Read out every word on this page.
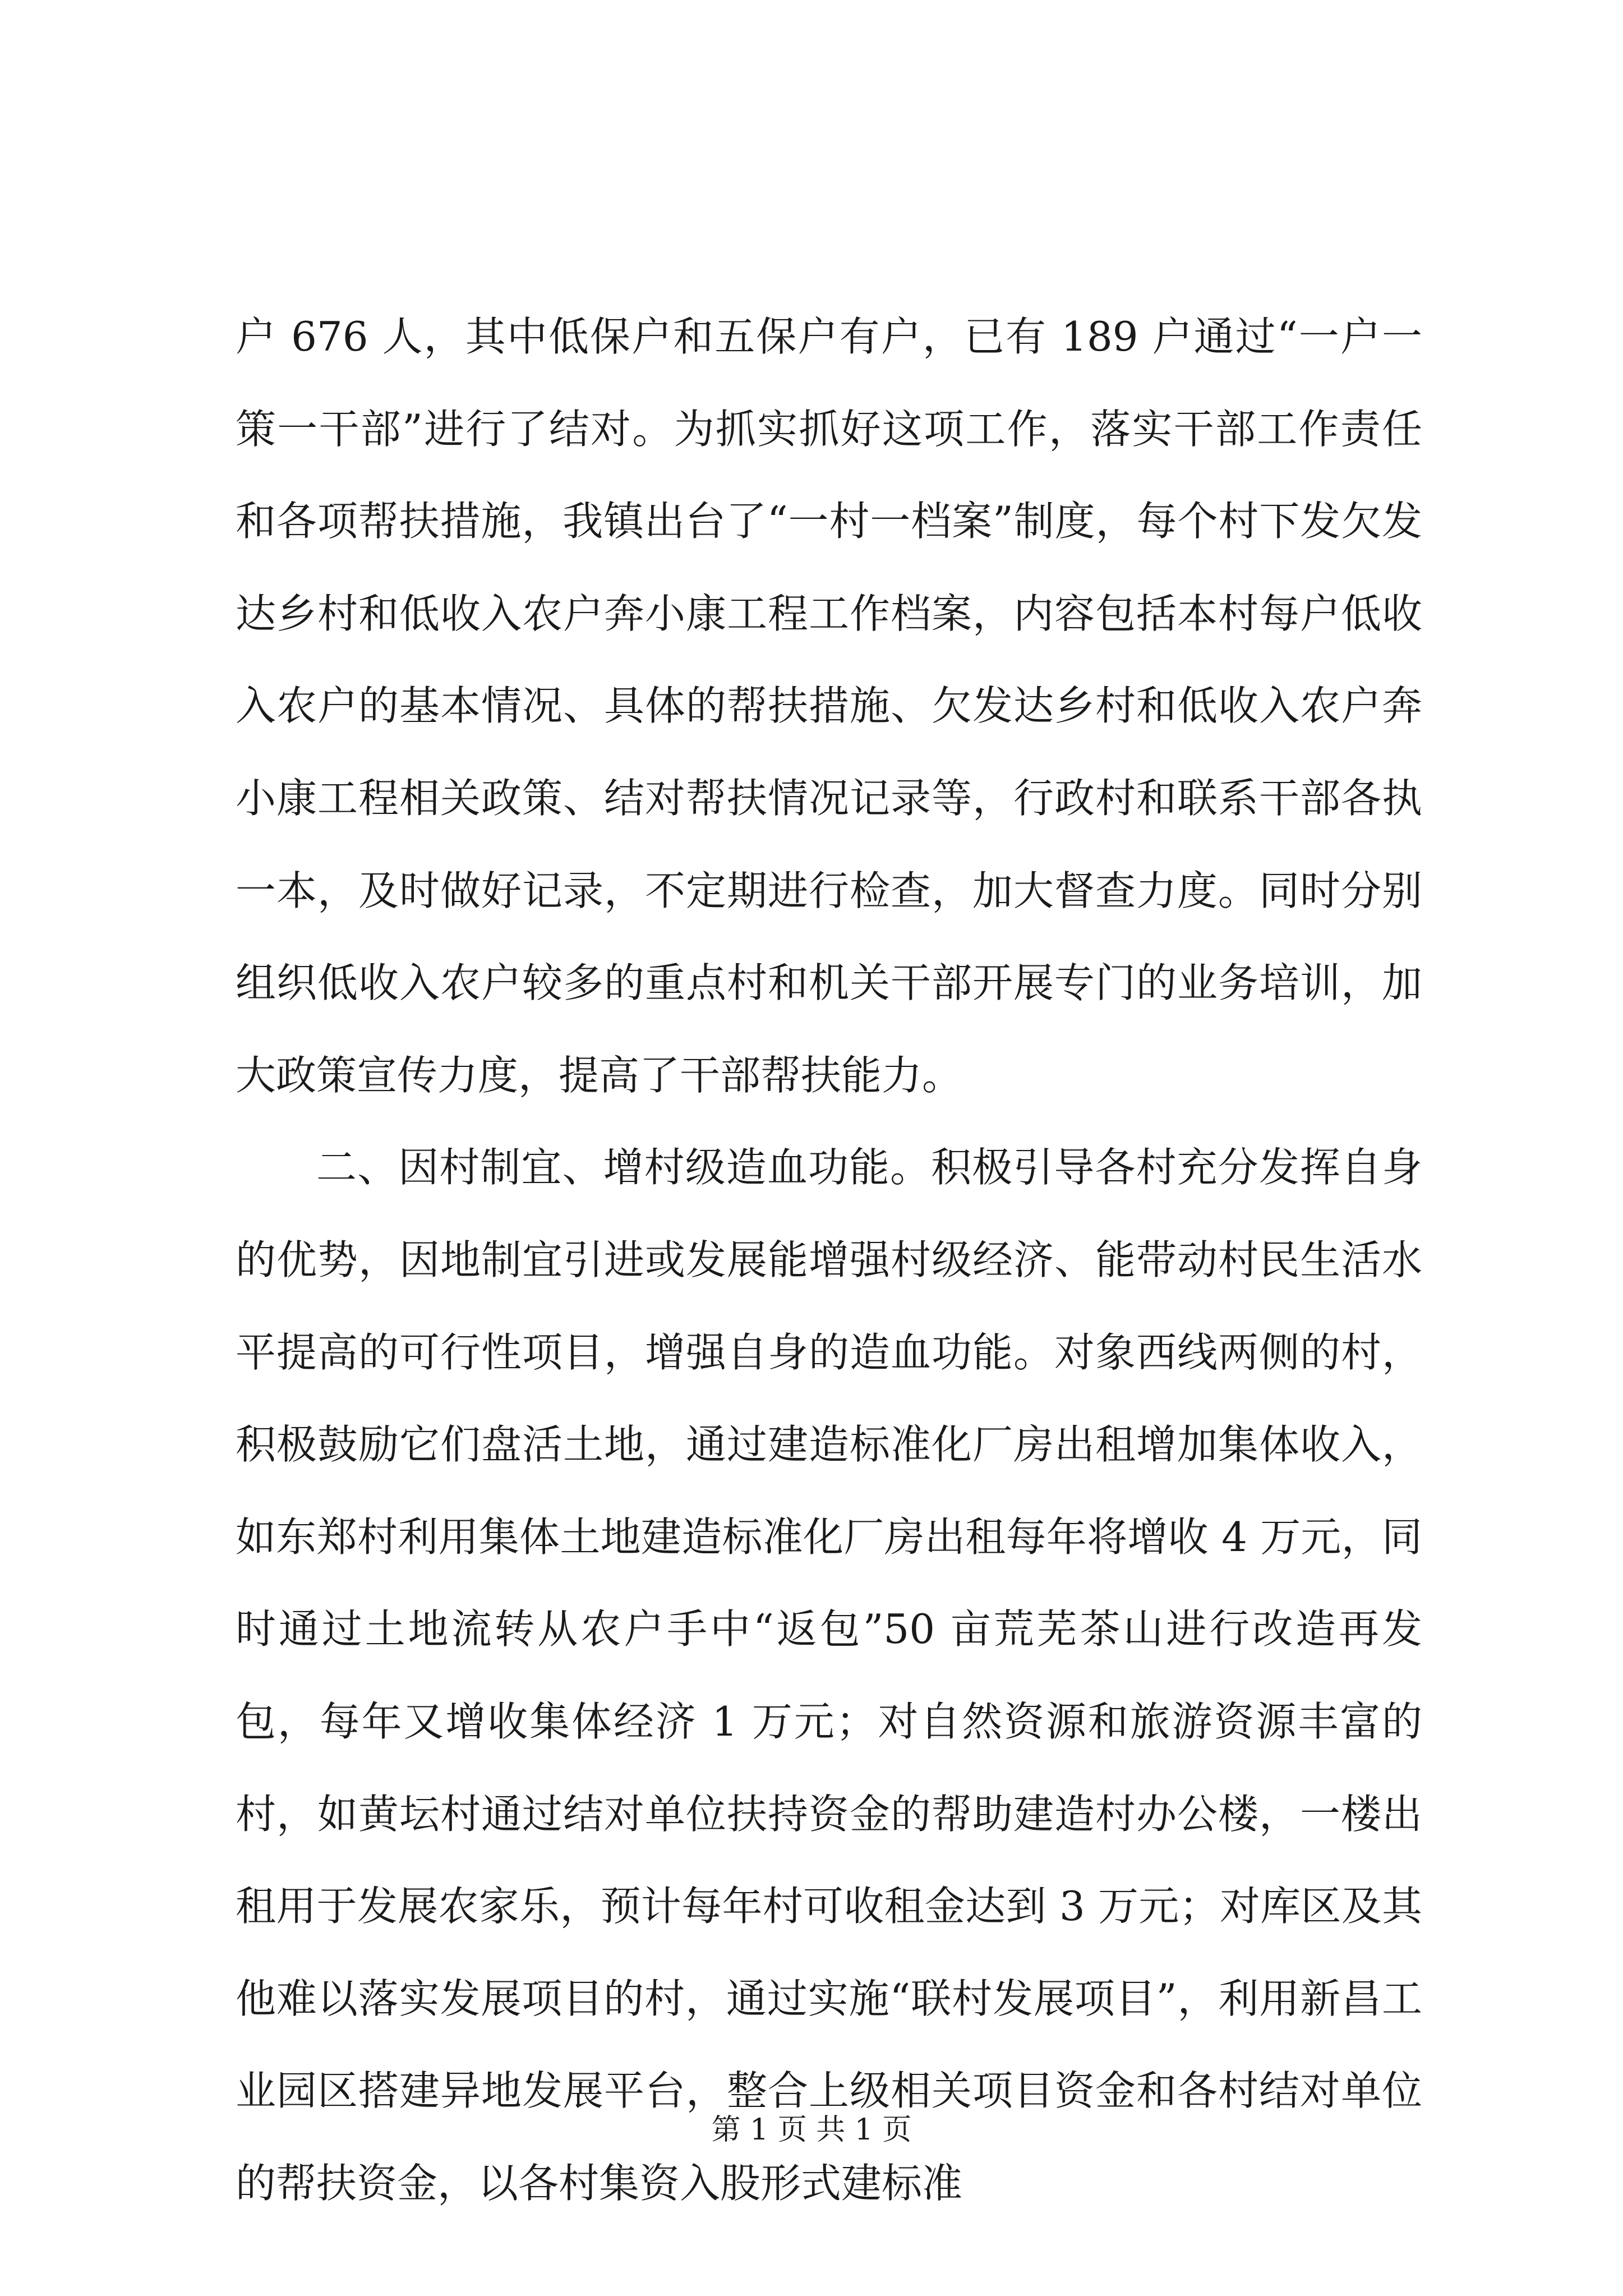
户 676 人，其中低保户和五保户有户，已有 189 户通过“一户一策一干部”进行了结对。为抓实抓好这项工作，落实干部工作责任和各项帮扶措施，我镇出台了“一村一档案”制度，每个村下发欠发达乡村和低收入农户奔小康工程工作档案，内容包括本村每户低收入农户的基本情况、具体的帮扶措施、欠发达乡村和低收入农户奔小康工程相关政策、结对帮扶情况记录等，行政村和联系干部各执一本，及时做好记录，不定期进行检查，加大督查力度。同时分别组织低收入农户较多的重点村和机关干部开展专门的业务培训，加大政策宣传力度，提高了干部帮扶能力。

二、因村制宜、增村级造血功能。积极引导各村充分发挥自身的优势，因地制宜引进或发展能增强村级经济、能带动村民生活水平提高的可行性项目，增强自身的造血功能。对象西线两侧的村，积极鼓励它们盘活土地，通过建造标准化厂房出租增加集体收入，如东郑村利用集体土地建造标准化厂房出租每年将增收 4 万元，同时通过土地流转从农户手中“返包”50 亩荒芜茶山进行改造再发包，每年又增收集体经济 1 万元；对自然资源和旅游资源丰富的村，如黄坛村通过结对单位扶持资金的帮助建造村办公楼，一楼出租用于发展农家乐，预计每年村可收租金达到 3 万元；对库区及其他难以落实发展项目的村，通过实施“联村发展项目”，利用新昌工业园区搭建异地发展平台，整合上级相关项目资金和各村结对单位的帮扶资金，以各村集资入股形式建标准

第 1 页 共 1 页
